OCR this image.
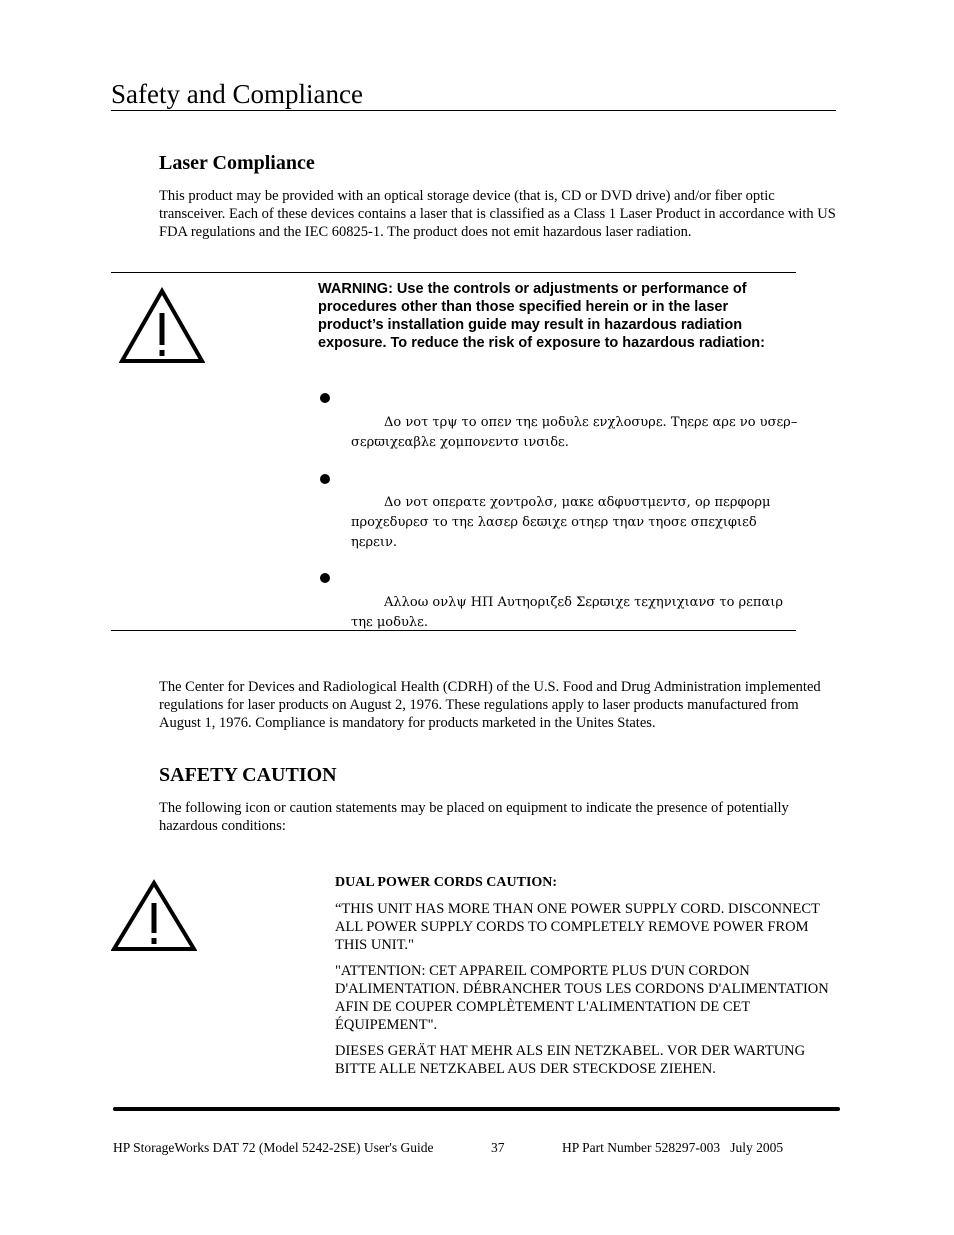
Safety and Compliance
Laser Compliance

This product may be provided with an optical storage device (that is, CD or DVD drive) and/or fiber optic transceiver. Each of these devices contains a laser that is classified as a Class 1 Laser Product in accordance with US FDA regulations and the IEC 60825-1. The product does not emit hazardous laser radiation.

WARNING: Use the controls or adjustments or performance of procedures other than those specified herein or in the laser product’s installation guide may result in hazardous radiation exposure. To reduce the risk of exposure to hazardous radiation:

Δο νοτ τρψ το οπεν τηε μοδυλε ενχλοσυρε. Τηερε αρε νο υσερ–σερϖιχεαβλε χομπονεντσ ινσιδε.

Δο νοτ οπερατε χοντρολσ, μακε αδφυστμεντσ, ορ περφορμ προχεδυρεσ το τηε λασερ δεϖιχε οτηερ τηαν τηοσε σπεχιφιεδ ηερειν.

Αλλοω ονλψ ΗΠ Αυτηοριζεδ Σερϖιχε τεχηνιχιανσ το ρεπαιρ τηε μοδυλε.

The Center for Devices and Radiological Health (CDRH) of the U.S. Food and Drug Administration implemented regulations for laser products on August 2, 1976. These regulations apply to laser products manufactured from August 1, 1976. Compliance is mandatory for products marketed in the Unites States.

SAFETY CAUTION

The following icon or caution statements may be placed on equipment to indicate the presence of potentially hazardous conditions:

DUAL POWER CORDS CAUTION:

“THIS UNIT HAS MORE THAN ONE POWER SUPPLY CORD. DISCONNECT ALL POWER SUPPLY CORDS TO COMPLETELY REMOVE POWER FROM THIS UNIT."

"ATTENTION: CET APPAREIL COMPORTE PLUS D'UN CORDON D'ALIMENTATION. DÉBRANCHER TOUS LES CORDONS D'ALIMENTATION AFIN DE COUPER COMPLÈTEMENT L'ALIMENTATION DE CET ÉQUIPEMENT".

DIESES GERÄT HAT MEHR ALS EIN NETZKABEL. VOR DER WARTUNG BITTE ALLE NETZKABEL AUS DER STECKDOSE ZIEHEN.

HP StorageWorks DAT 72 (Model 5242-2SE) User's Guide	37	HP Part Number 528297-003   July 2005
